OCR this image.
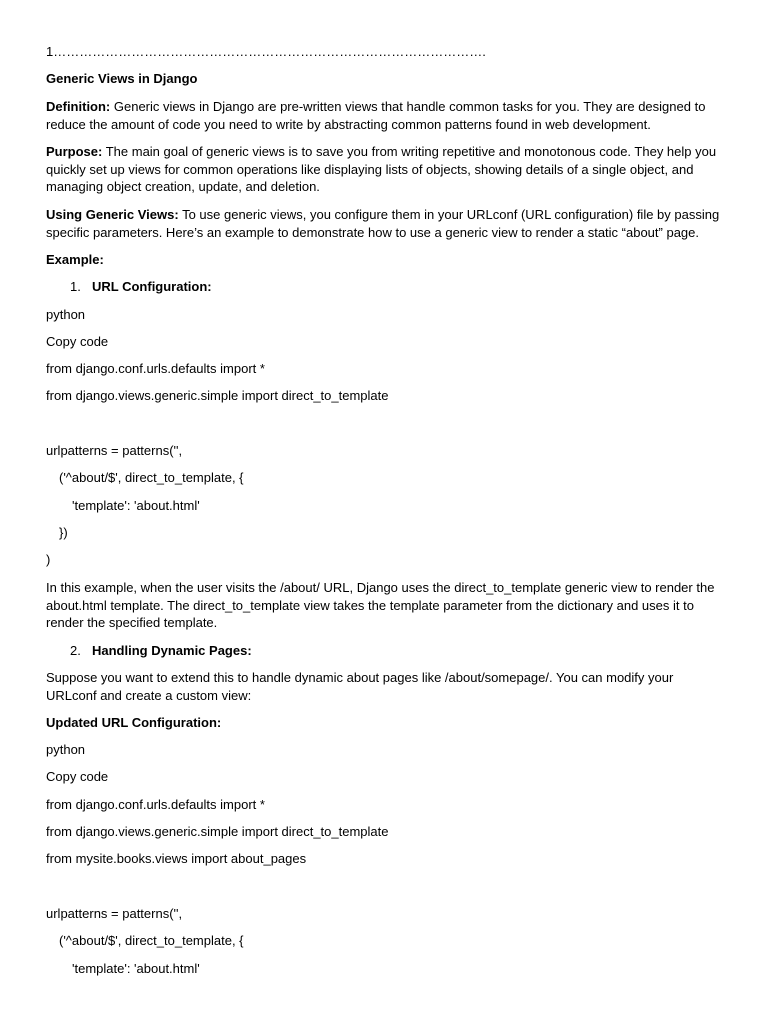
1……………………………………………………………………………………….
Generic Views in Django
Definition: Generic views in Django are pre-written views that handle common tasks for you. They are designed to reduce the amount of code you need to write by abstracting common patterns found in web development.
Purpose: The main goal of generic views is to save you from writing repetitive and monotonous code. They help you quickly set up views for common operations like displaying lists of objects, showing details of a single object, and managing object creation, update, and deletion.
Using Generic Views: To use generic views, you configure them in your URLconf (URL configuration) file by passing specific parameters. Here’s an example to demonstrate how to use a generic view to render a static “about” page.
Example:
1. URL Configuration:
python
Copy code
from django.conf.urls.defaults import *
from django.views.generic.simple import direct_to_template
urlpatterns = patterns('',
('^about/$', direct_to_template, {
'template': 'about.html'
})
)
In this example, when the user visits the /about/ URL, Django uses the direct_to_template generic view to render the about.html template. The direct_to_template view takes the template parameter from the dictionary and uses it to render the specified template.
2. Handling Dynamic Pages:
Suppose you want to extend this to handle dynamic about pages like /about/somepage/. You can modify your URLconf and create a custom view:
Updated URL Configuration:
python
Copy code
from django.conf.urls.defaults import *
from django.views.generic.simple import direct_to_template
from mysite.books.views import about_pages
urlpatterns = patterns('',
('^about/$', direct_to_template, {
'template': 'about.html'
